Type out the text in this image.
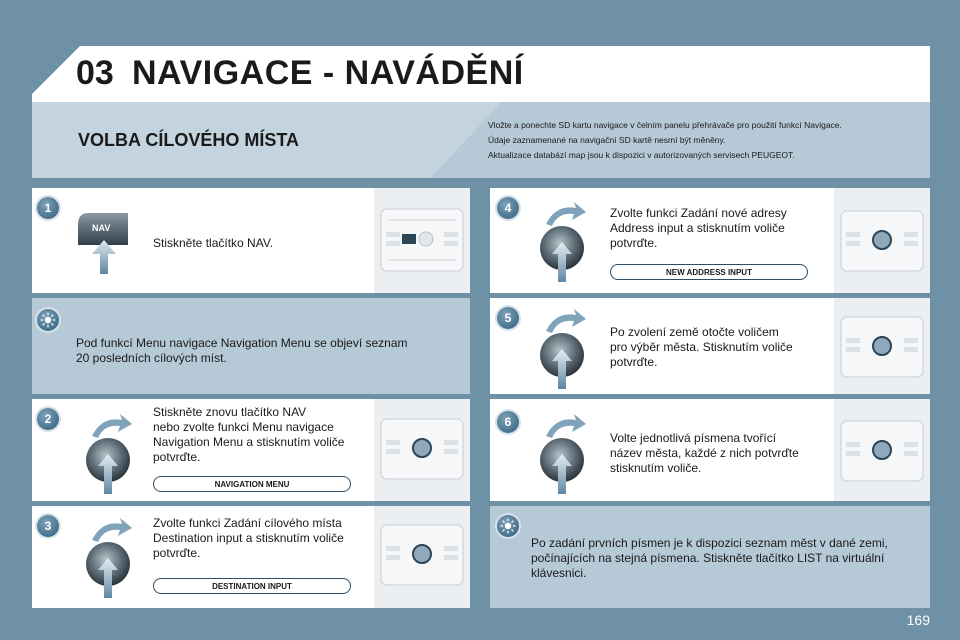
03 NAVIGACE - NAVÁDĚNÍ
VOLBA CÍLOVÉHO MÍSTA
Vložte a ponechte SD kartu navigace v čelním panelu přehrávače pro použití funkcí Navigace.
Údaje zaznamenané na navigační SD kartě nesmí být měněny.
Aktualizace databází map jsou k dispozici v autorizovaných servisech PEUGEOT.
1
Stiskněte tlačítko NAV.
NAV
Pod funkcí Menu navigace Navigation Menu se objeví seznam
20 posledních cílových míst.
2	Stiskněte znovu tlačítko NAV
nebo zvolte funkci Menu navigace
Navigation Menu a stisknutím voliče
potvrďte.
NAVIGATION MENU
3	Zvolte funkci Zadání cílového místa
Destination input a stisknutím voliče
potvrďte.
DESTINATION INPUT
4	Zvolte funkci Zadání nové adresy
Address input a stisknutím voliče
potvrďte.
NEW ADDRESS INPUT
5
Po zvolení země otočte voličem
pro výběr města. Stisknutím voliče
potvrďte.
6
Volte jednotlivá písmena tvořící
název města, každé z nich potvrďte
stisknutím voliče.
Po zadání prvních písmen je k dispozici seznam měst v dané zemi,
počínajících na stejná písmena. Stiskněte tlačítko LIST na virtuální
klávesnici.
169
